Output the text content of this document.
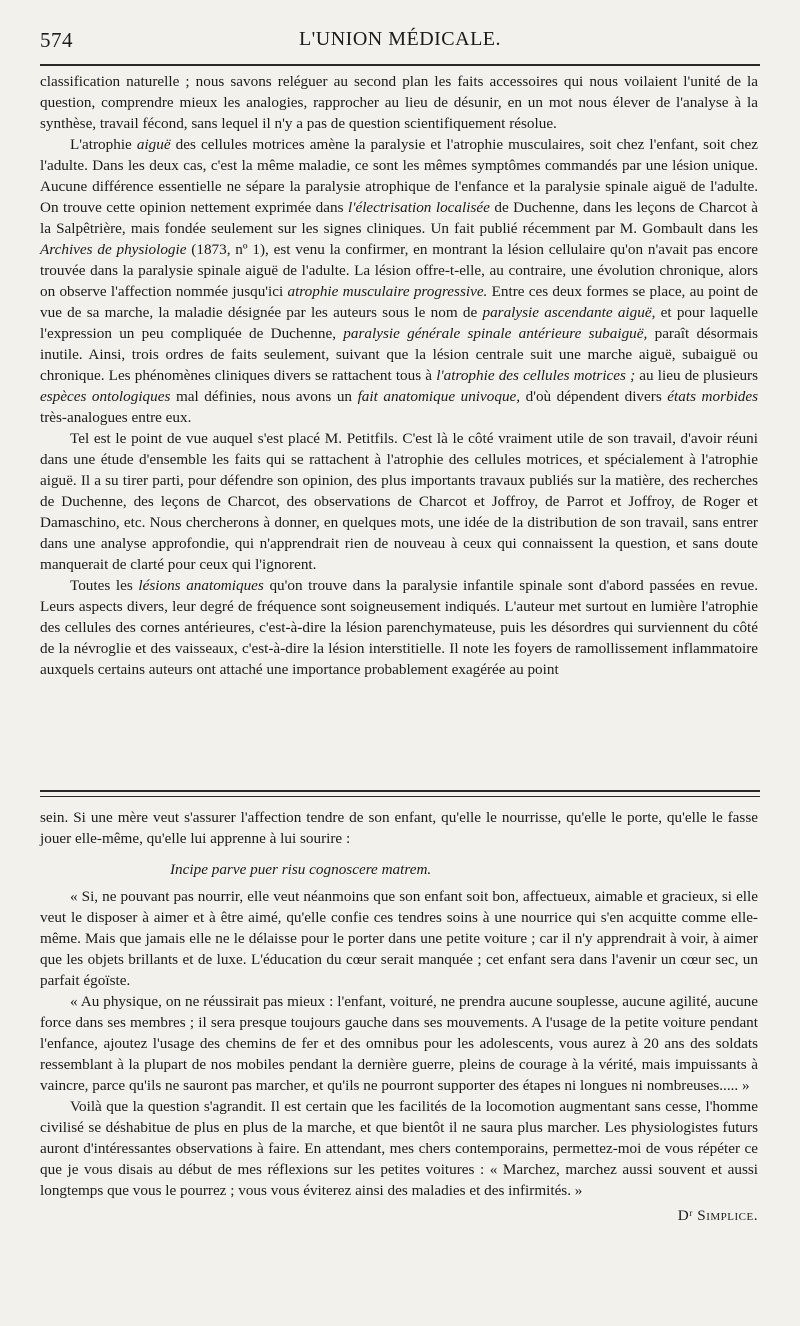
574	L'UNION MÉDICALE.

classification naturelle ; nous savons reléguer au second plan les faits accessoires qui nous voilaient l'unité de la question, comprendre mieux les analogies, rapprocher au lieu de désunir, en un mot nous élever de l'analyse à la synthèse, travail fécond, sans lequel il n'y a pas de question scientifiquement résolue.

L'atrophie aiguë des cellules motrices amène la paralysie et l'atrophie musculaires, soit chez l'enfant, soit chez l'adulte. Dans les deux cas, c'est la même maladie, ce sont les mêmes symptômes commandés par une lésion unique. Aucune différence essentielle ne sépare la paralysie atrophique de l'enfance et la paralysie spinale aiguë de l'adulte. On trouve cette opinion nettement exprimée dans l'électrisation localisée de Duchenne, dans les leçons de Charcot à la Salpêtrière, mais fondée seulement sur les signes cliniques. Un fait publié récemment par M. Gombault dans les Archives de physiologie (1873, nº 1), est venu la confirmer, en montrant la lésion cellulaire qu'on n'avait pas encore trouvée dans la paralysie spinale aiguë de l'adulte. La lésion offre-t-elle, au contraire, une évolution chronique, alors on observe l'affection nommée jusqu'ici atrophie musculaire progressive. Entre ces deux formes se place, au point de vue de sa marche, la maladie désignée par les auteurs sous le nom de paralysie ascendante aiguë, et pour laquelle l'expression un peu compliquée de Duchenne, paralysie générale spinale antérieure subaiguë, paraît désormais inutile. Ainsi, trois ordres de faits seulement, suivant que la lésion centrale suit une marche aiguë, subaiguë ou chronique. Les phénomènes cliniques divers se rattachent tous à l'atrophie des cellules motrices ; au lieu de plusieurs espèces ontologiques mal définies, nous avons un fait anatomique univoque, d'où dépendent divers états morbides très-analogues entre eux.

Tel est le point de vue auquel s'est placé M. Petitfils. C'est là le côté vraiment utile de son travail, d'avoir réuni dans une étude d'ensemble les faits qui se rattachent à l'atrophie des cellules motrices, et spécialement à l'atrophie aiguë. Il a su tirer parti, pour défendre son opinion, des plus importants travaux publiés sur la matière, des recherches de Duchenne, des leçons de Charcot, des observations de Charcot et Joffroy, de Parrot et Joffroy, de Roger et Damaschino, etc. Nous chercherons à donner, en quelques mots, une idée de la distribution de son travail, sans entrer dans une analyse approfondie, qui n'apprendrait rien de nouveau à ceux qui connaissent la question, et sans doute manquerait de clarté pour ceux qui l'ignorent.

Toutes les lésions anatomiques qu'on trouve dans la paralysie infantile spinale sont d'abord passées en revue. Leurs aspects divers, leur degré de fréquence sont soigneusement indiqués. L'auteur met surtout en lumière l'atrophie des cellules des cornes antérieures, c'est-à-dire la lésion parenchymateuse, puis les désordres qui surviennent du côté de la névroglie et des vaisseaux, c'est-à-dire la lésion interstitielle. Il note les foyers de ramollissement inflammatoire auxquels certains auteurs ont attaché une importance probablement exagérée au point

sein. Si une mère veut s'assurer l'affection tendre de son enfant, qu'elle le nourrisse, qu'elle le porte, qu'elle le fasse jouer elle-même, qu'elle lui apprenne à lui sourire :

Incipe parve puer risu cognoscere matrem.

« Si, ne pouvant pas nourrir, elle veut néanmoins que son enfant soit bon, affectueux, aimable et gracieux, si elle veut le disposer à aimer et à être aimé, qu'elle confie ces tendres soins à une nourrice qui s'en acquitte comme elle-même. Mais que jamais elle ne le délaisse pour le porter dans une petite voiture ; car il n'y apprendrait à voir, à aimer que les objets brillants et de luxe. L'éducation du cœur serait manquée ; cet enfant sera dans l'avenir un cœur sec, un parfait égoïste.

« Au physique, on ne réussirait pas mieux : l'enfant, voituré, ne prendra aucune souplesse, aucune agilité, aucune force dans ses membres ; il sera presque toujours gauche dans ses mouvements. A l'usage de la petite voiture pendant l'enfance, ajoutez l'usage des chemins de fer et des omnibus pour les adolescents, vous aurez à 20 ans des soldats ressemblant à la plupart de nos mobiles pendant la dernière guerre, pleins de courage à la vérité, mais impuissants à vaincre, parce qu'ils ne sauront pas marcher, et qu'ils ne pourront supporter des étapes ni longues ni nombreuses..... »

Voilà que la question s'agrandit. Il est certain que les facilités de la locomotion augmentant sans cesse, l'homme civilisé se déshabitue de plus en plus de la marche, et que bientôt il ne saura plus marcher. Les physiologistes futurs auront d'intéressantes observations à faire. En attendant, mes chers contemporains, permettez-moi de vous répéter ce que je vous disais au début de mes réflexions sur les petites voitures : « Marchez, marchez aussi souvent et aussi longtemps que vous le pourrez ; vous vous éviterez ainsi des maladies et des infirmités. »

Dʳ Simplice.
